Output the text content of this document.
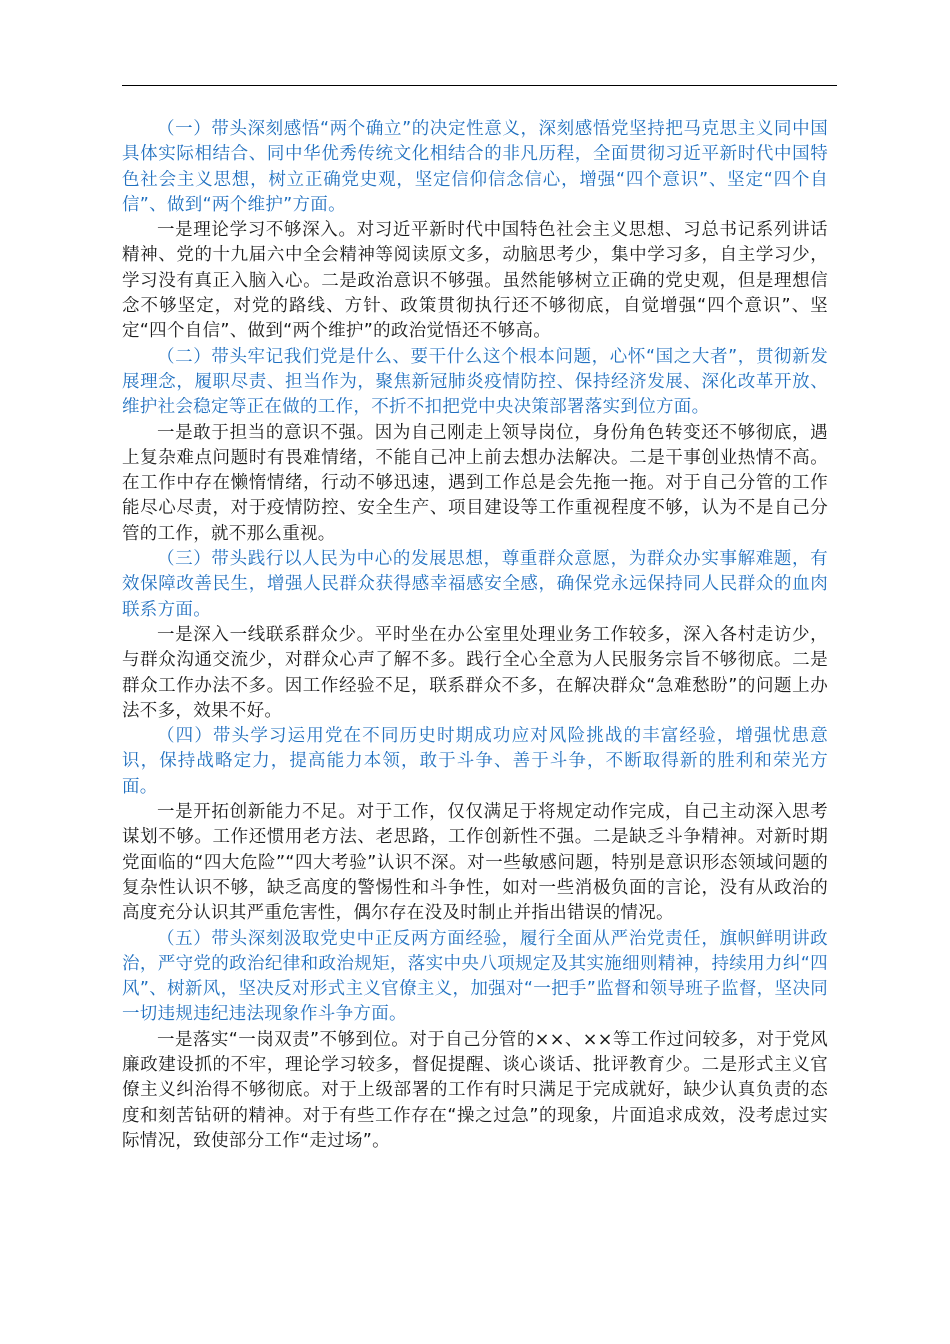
（一）带头深刻感悟“两个确立”的决定性意义，深刻感悟党坚持把马克思主义同中国具体实际相结合、同中华优秀传统文化相结合的非凡历程，全面贯彻习近平新时代中国特色社会主义思想，树立正确党史观，坚定信仰信念信心，增强“四个意识”、坚定“四个自信”、做到“两个维护”方面。

一是理论学习不够深入。对习近平新时代中国特色社会主义思想、习总书记系列讲话精神、党的十九届六中全会精神等阅读原文多，动脑思考少，集中学习多，自主学习少，学习没有真正入脑入心。二是政治意识不够强。虽然能够树立正确的党史观，但是理想信念不够坚定，对党的路线、方针、政策贯彻执行还不够彻底，自觉增强“四个意识”、坚定“四个自信”、做到“两个维护”的政治觉悟还不够高。

（二）带头牢记我们党是什么、要干什么这个根本问题，心怀“国之大者”，贯彻新发展理念，履职尽责、担当作为，聚焦新冠肺炎疫情防控、保持经济发展、深化改革开放、维护社会稳定等正在做的工作，不折不扣把党中央决策部署落实到位方面。

一是敢于担当的意识不强。因为自己刚走上领导岗位，身份角色转变还不够彻底，遇上复杂难点问题时有畏难情绪，不能自己冲上前去想办法解决。二是干事创业热情不高。在工作中存在懒惰情绪，行动不够迅速，遇到工作总是会先拖一拖。对于自己分管的工作能尽心尽责，对于疫情防控、安全生产、项目建设等工作重视程度不够，认为不是自己分管的工作，就不那么重视。

（三）带头践行以人民为中心的发展思想，尊重群众意愿，为群众办实事解难题，有效保障改善民生，增强人民群众获得感幸福感安全感，确保党永远保持同人民群众的血肉联系方面。

一是深入一线联系群众少。平时坐在办公室里处理业务工作较多，深入各村走访少，与群众沟通交流少，对群众心声了解不多。践行全心全意为人民服务宗旨不够彻底。二是群众工作办法不多。因工作经验不足，联系群众不多，在解决群众“急难愁盼”的问题上办法不多，效果不好。

（四）带头学习运用党在不同历史时期成功应对风险挑战的丰富经验，增强忧患意识，保持战略定力，提高能力本领，敢于斗争、善于斗争，不断取得新的胜利和荣光方面。

一是开拓创新能力不足。对于工作，仅仅满足于将规定动作完成，自己主动深入思考谋划不够。工作还惯用老方法、老思路，工作创新性不强。二是缺乏斗争精神。对新时期党面临的“四大危险”“四大考验”认识不深。对一些敏感问题，特别是意识形态领域问题的复杂性认识不够，缺乏高度的警惕性和斗争性，如对一些消极负面的言论，没有从政治的高度充分认识其严重危害性，偶尔存在没及时制止并指出错误的情况。

（五）带头深刻汲取党史中正反两方面经验，履行全面从严治党责任，旗帜鲜明讲政治，严守党的政治纪律和政治规矩，落实中央八项规定及其实施细则精神，持续用力纠“四风”、树新风，坚决反对形式主义官僚主义，加强对“一把手”监督和领导班子监督，坚决同一切违规违纪违法现象作斗争方面。

一是落实“一岗双责”不够到位。对于自己分管的××、××等工作过问较多，对于党风廉政建设抓的不牢，理论学习较多，督促提醒、谈心谈话、批评教育少。二是形式主义官僚主义纠治得不够彻底。对于上级部署的工作有时只满足于完成就好，缺少认真负责的态度和刻苦钻研的精神。对于有些工作存在“操之过急”的现象，片面追求成效，没考虑过实际情况，致使部分工作“走过场”。
